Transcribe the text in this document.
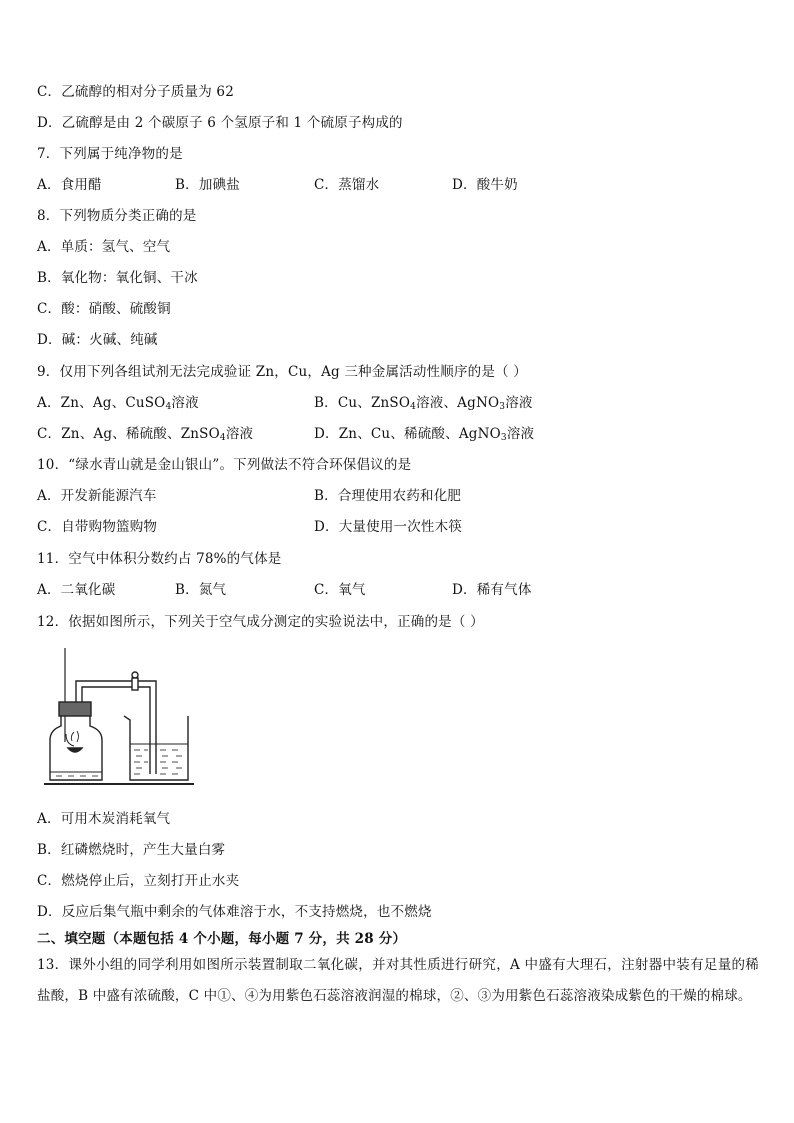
C．乙硫醇的相对分子质量为 62
D．乙硫醇是由 2 个碳原子 6 个氢原子和 1 个硫原子构成的
7．下列属于纯净物的是
A．食用醋	B．加碘盐	C．蒸馏水	D．酸牛奶
8．下列物质分类正确的是
A．单质：氢气、空气
B．氧化物：氧化铜、干冰
C．酸：硝酸、硫酸铜
D．碱：火碱、纯碱
9．仅用下列各组试剂无法完成验证 Zn，Cu，Ag 三种金属活动性顺序的是（ ）
A．Zn、Ag、CuSO$_4$溶液	B．Cu、ZnSO$_4$溶液、AgNO$_3$溶液
C．Zn、Ag、稀硫酸、ZnSO$_4$溶液	D．Zn、Cu、稀硫酸、AgNO$_3$溶液
10．“绿水青山就是金山银山”。下列做法不符合环保倡议的是
A．开发新能源汽车	B．合理使用农药和化肥
C．自带购物篮购物	D．大量使用一次性木筷
11．空气中体积分数约占 78%的气体是
A．二氧化碳	B．氮气	C．氧气	D．稀有气体
12．依据如图所示，下列关于空气成分测定的实验说法中，正确的是（ ）
A．可用木炭消耗氧气
B．红磷燃烧时，产生大量白雾
C．燃烧停止后，立刻打开止水夹
D．反应后集气瓶中剩余的气体难溶于水，不支持燃烧，也不燃烧
二、填空题（本题包括 4 个小题，每小题 7 分，共 28 分）
13．课外小组的同学利用如图所示装置制取二氧化碳，并对其性质进行研究，A 中盛有大理石，注射器中装有足量的稀盐酸，B 中盛有浓硫酸，C 中①、④为用紫色石蕊溶液润湿的棉球，②、③为用紫色石蕊溶液染成紫色的干燥的棉球。
